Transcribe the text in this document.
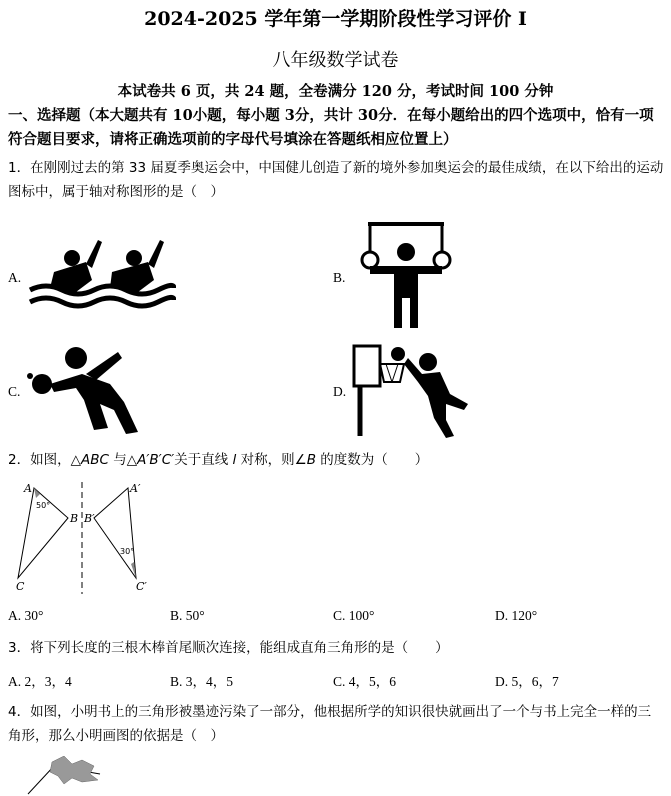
2024-2025 学年第一学期阶段性学习评价 Ⅰ
八年级数学试卷
本试卷共 6 页，共 24 题，全卷满分 120 分，考试时间 100 分钟
一、选择题（本大题共有 10小题，每小题 3分，共计 30分．在每小题给出的四个选项中，恰有一项符合题目要求，请将正确选项前的字母代号填涂在答题纸相应位置上）
1．在刚刚过去的第 33 届夏季奥运会中，中国健儿创造了新的境外参加奥运会的最佳成绩，在以下给出的运动图标中，属于轴对称图形的是（　）
A.	B.
C.	D.
2．如图，△ABC 与△A′B′C′关于直线 l 对称，则∠B 的度数为（　　）
A
B
C
A′
B′
C′
50°
30°
A. 30°	B. 50°	C. 100°	D. 120°
3．将下列长度的三根木棒首尾顺次连接，能组成直角三角形的是（　　）
A. 2，3，4	B. 3，4，5	C. 4，5，6	D. 5，6，7
4．如图，小明书上的三角形被墨迹污染了一部分，他根据所学的知识很快就画出了一个与书上完全一样的三角形，那么小明画图的依据是（　）
